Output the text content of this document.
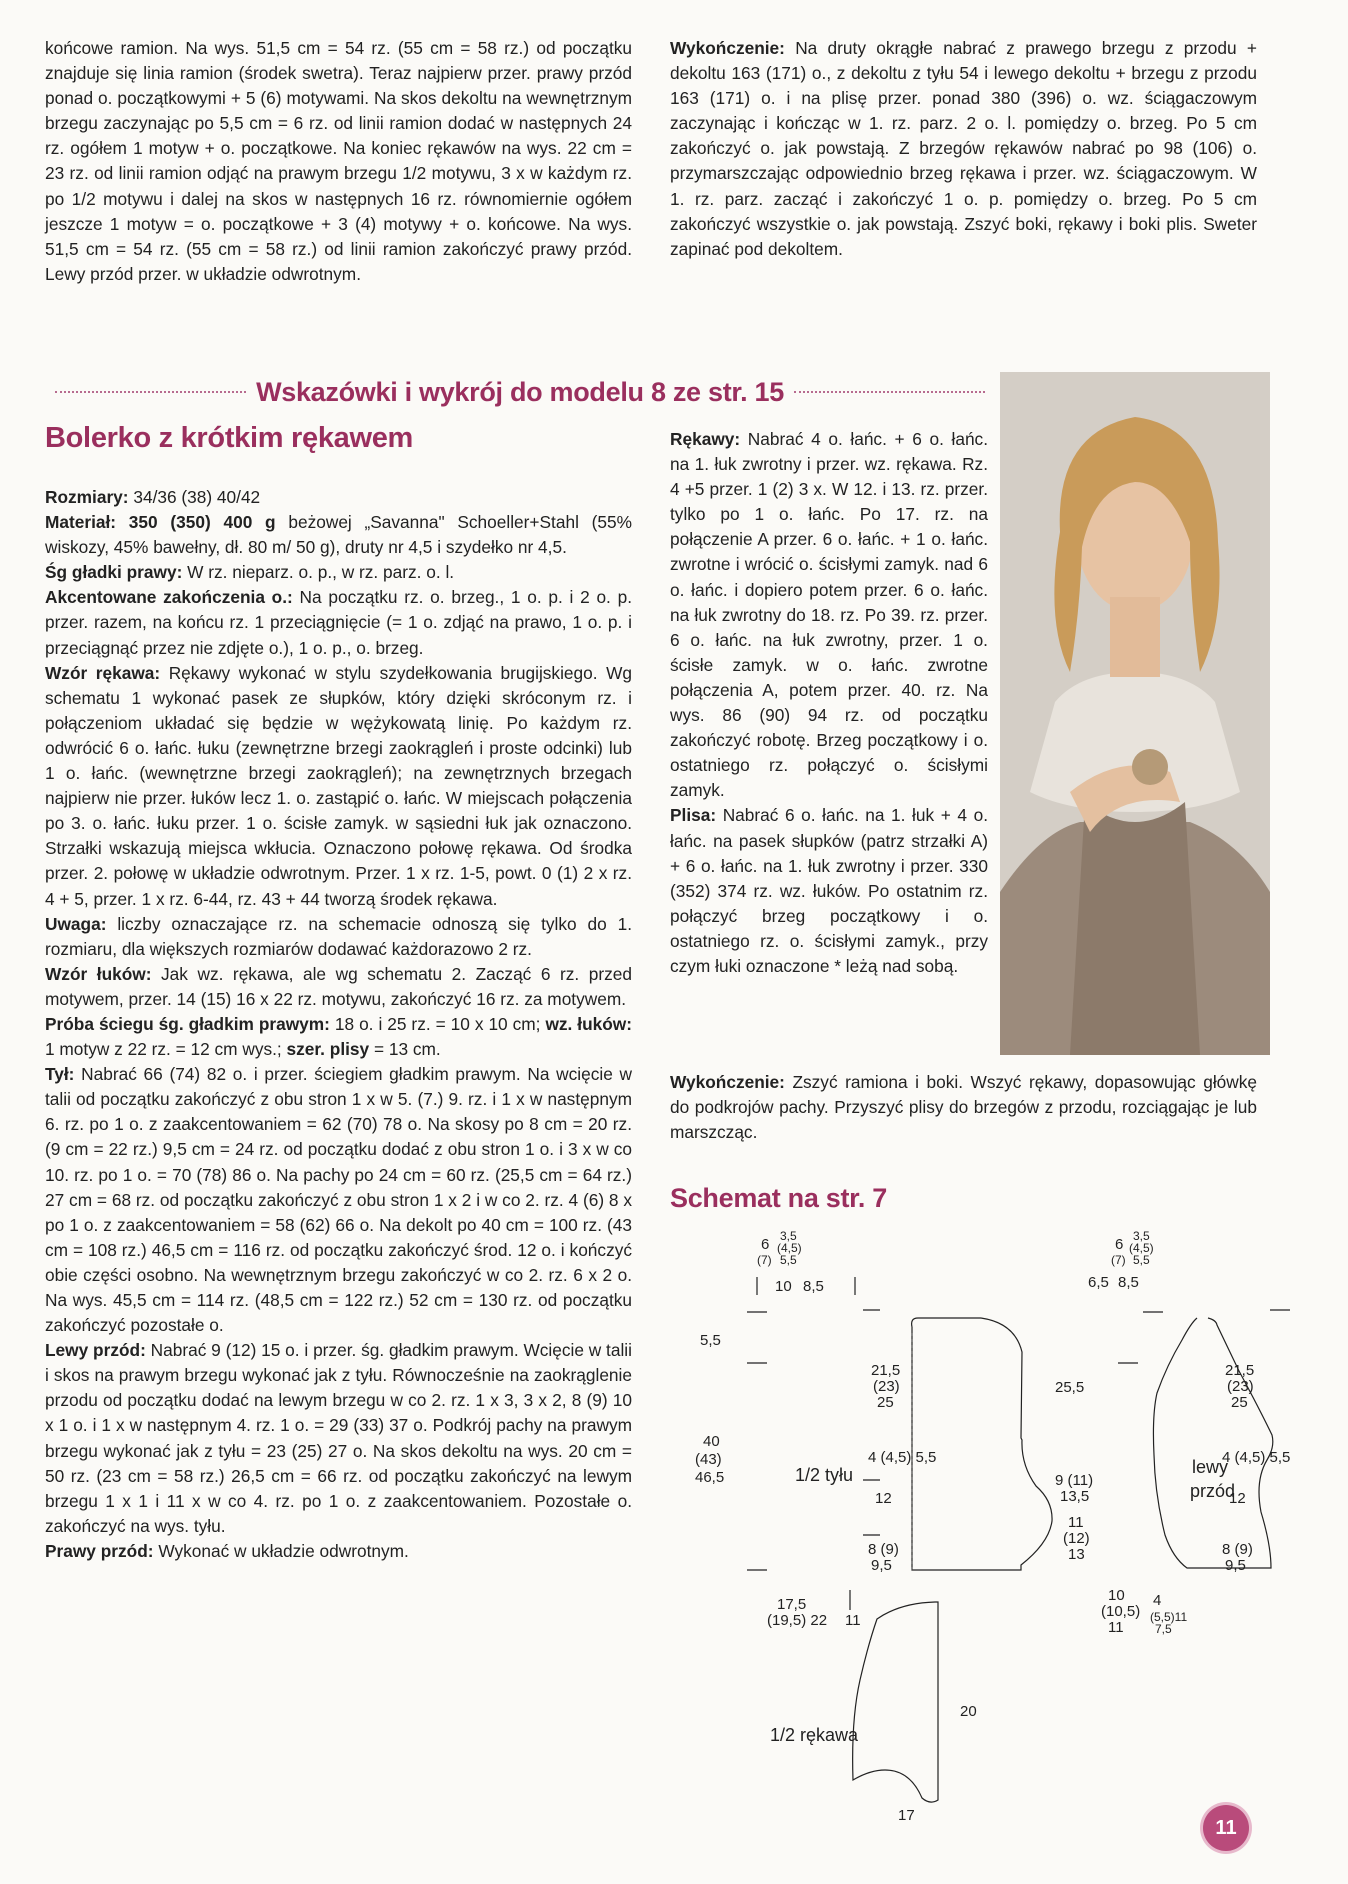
końcowe ramion. Na wys. 51,5 cm = 54 rz. (55 cm = 58 rz.) od początku znajduje się linia ramion (środek swetra). Teraz najpierw przer. prawy przód ponad o. początkowymi + 5 (6) motywami. Na skos dekoltu na wewnętrznym brzegu zaczynając po 5,5 cm = 6 rz. od linii ramion dodać w następnych 24 rz. ogółem 1 motyw + o. początkowe. Na koniec rękawów na wys. 22 cm = 23 rz. od linii ramion odjąć na prawym brzegu 1/2 motywu, 3 x w każdym rz. po 1/2 motywu i dalej na skos w następnych 16 rz. równomiernie ogółem jeszcze 1 motyw = o. początkowe + 3 (4) motywy + o. końcowe. Na wys. 51,5 cm = 54 rz. (55 cm = 58 rz.) od linii ramion zakończyć prawy przód. Lewy przód przer. w układzie odwrotnym.

Wykończenie: Na druty okrągłe nabrać z prawego brzegu z przodu + dekoltu 163 (171) o., z dekoltu z tyłu 54 i lewego dekoltu + brzegu z przodu 163 (171) o. i na plisę przer. ponad 380 (396) o. wz. ściągaczowym zaczynając i kończąc w 1. rz. parz. 2 o. l. pomiędzy o. brzeg. Po 5 cm zakończyć o. jak powstają. Z brzegów rękawów nabrać po 98 (106) o. przymarszczając odpowiednio brzeg rękawa i przer. wz. ściągaczowym. W 1. rz. parz. zacząć i zakończyć 1 o. p. pomiędzy o. brzeg. Po 5 cm zakończyć wszystkie o. jak powstają. Zszyć boki, rękawy i boki plis. Sweter zapinać pod dekoltem.

Wskazówki i wykrój do modelu 8 ze str. 15
Bolerko z krótkim rękawem

Rozmiary: 34/36 (38) 40/42

Materiał: 350 (350) 400 g beżowej „Savanna" Schoeller+Stahl (55% wiskozy, 45% bawełny, dł. 80 m/ 50 g), druty nr 4,5 i szydełko nr 4,5.

Śg gładki prawy: W rz. nieparz. o. p., w rz. parz. o. l.

Akcentowane zakończenia o.: Na początku rz. o. brzeg., 1 o. p. i 2 o. p. przer. razem, na końcu rz. 1 przeciągnięcie (= 1 o. zdjąć na prawo, 1 o. p. i przeciągnąć przez nie zdjęte o.), 1 o. p., o. brzeg.

Wzór rękawa: Rękawy wykonać w stylu szydełkowania brugijskiego. Wg schematu 1 wykonać pasek ze słupków, który dzięki skróconym rz. i połączeniom układać się będzie w wężykowatą linię. Po każdym rz. odwrócić 6 o. łańc. łuku (zewnętrzne brzegi zaokrągleń i proste odcinki) lub 1 o. łańc. (wewnętrzne brzegi zaokrągleń); na zewnętrznych brzegach najpierw nie przer. łuków lecz 1. o. zastąpić o. łańc. W miejscach połączenia po 3. o. łańc. łuku przer. 1 o. ścisłe zamyk. w sąsiedni łuk jak oznaczono. Strzałki wskazują miejsca wkłucia. Oznaczono połowę rękawa. Od środka przer. 2. połowę w układzie odwrotnym. Przer. 1 x rz. 1-5, powt. 0 (1) 2 x rz. 4 + 5, przer. 1 x rz. 6-44, rz. 43 + 44 tworzą środek rękawa.

Uwaga: liczby oznaczające rz. na schemacie odnoszą się tylko do 1. rozmiaru, dla większych rozmiarów dodawać każdorazowo 2 rz.

Wzór łuków: Jak wz. rękawa, ale wg schematu 2. Zacząć 6 rz. przed motywem, przer. 14 (15) 16 x 22 rz. motywu, zakończyć 16 rz. za motywem.

Próba ściegu śg. gładkim prawym: 18 o. i 25 rz. = 10 x 10 cm; wz. łuków: 1 motyw z 22 rz. = 12 cm wys.; szer. plisy = 13 cm.

Tył: Nabrać 66 (74) 82 o. i przer. ściegiem gładkim prawym. Na wcięcie w talii od początku zakończyć z obu stron 1 x w 5. (7.) 9. rz. i 1 x w następnym 6. rz. po 1 o. z zaakcentowaniem = 62 (70) 78 o. Na skosy po 8 cm = 20 rz. (9 cm = 22 rz.) 9,5 cm = 24 rz. od początku dodać z obu stron 1 o. i 3 x w co 10. rz. po 1 o. = 70 (78) 86 o. Na pachy po 24 cm = 60 rz. (25,5 cm = 64 rz.) 27 cm = 68 rz. od początku zakończyć z obu stron 1 x 2 i w co 2. rz. 4 (6) 8 x po 1 o. z zaakcentowaniem = 58 (62) 66 o. Na dekolt po 40 cm = 100 rz. (43 cm = 108 rz.) 46,5 cm = 116 rz. od początku zakończyć środ. 12 o. i kończyć obie części osobno. Na wewnętrznym brzegu zakończyć w co 2. rz. 6 x 2 o. Na wys. 45,5 cm = 114 rz. (48,5 cm = 122 rz.) 52 cm = 130 rz. od początku zakończyć pozostałe o.

Lewy przód: Nabrać 9 (12) 15 o. i przer. śg. gładkim prawym. Wcięcie w talii i skos na prawym brzegu wykonać jak z tyłu. Równocześnie na zaokrąglenie przodu od początku dodać na lewym brzegu w co 2. rz. 1 x 3, 3 x 2, 8 (9) 10 x 1 o. i 1 x w następnym 4. rz. 1 o. = 29 (33) 37 o. Podkrój pachy na prawym brzegu wykonać jak z tyłu = 23 (25) 27 o. Na skos dekoltu na wys. 20 cm = 50 rz. (23 cm = 58 rz.) 26,5 cm = 66 rz. od początku zakończyć na lewym brzegu 1 x 1 i 11 x w co 4. rz. po 1 o. z zaakcentowaniem. Pozostałe o. zakończyć na wys. tyłu.

Prawy przód: Wykonać w układzie odwrotnym.

Rękawy: Nabrać 4 o. łańc. + 6 o. łańc. na 1. łuk zwrotny i przer. wz. rękawa. Rz. 4 +5 przer. 1 (2) 3 x. W 12. i 13. rz. przer. tylko po 1 o. łańc. Po 17. rz. na połączenie A przer. 6 o. łańc. + 1 o. łańc. zwrotne i wrócić o. ścisłymi zamyk. nad 6 o. łańc. i dopiero potem przer. 6 o. łańc. na łuk zwrotny do 18. rz. Po 39. rz. przer. 6 o. łańc. na łuk zwrotny, przer. 1 o. ścisłe zamyk. w o. łańc. zwrotne połączenia A, potem przer. 40. rz. Na wys. 86 (90) 94 rz. od początku zakończyć robotę. Brzeg początkowy i o. ostatniego rz. połączyć o. ścisłymi zamyk.

Plisa: Nabrać 6 o. łańc. na 1. łuk + 4 o. łańc. na pasek słupków (patrz strzałki A) + 6 o. łańc. na 1. łuk zwrotny i przer. 330 (352) 374 rz. wz. łuków. Po ostatnim rz. połączyć brzeg początkowy i o. ostatniego rz. o. ścisłymi zamyk., przy czym łuki oznaczone * leżą nad sobą.

Wykończenie: Zszyć ramiona i boki. Wszyć rękawy, dopasowując główkę do podkrojów pachy. Przyszyć plisy do brzegów z przodu, rozciągając je lub marszcząc.

Schemat na str. 7
3,5
(4,5)
5,5
6
(7)
10 8,5
5,5
40
(43)
46,5
21,5
(23)
25
4 (4,5) 5,5
12
8 (9)
9,5
17,5
(19,5) 22 11
1/2 tyłu
3,5
(4,5)
5,5
6
(7)
6,5 8,5
25,5
9 (11)
13,5
11
(12)
13
21,5
(23)
25
4 (4,5) 5,5
12
8 (9)
9,5
10
(10,5)
11
4
(5,5)11
7,5
lewy
przód
1/2 rękawa
20
17
11
